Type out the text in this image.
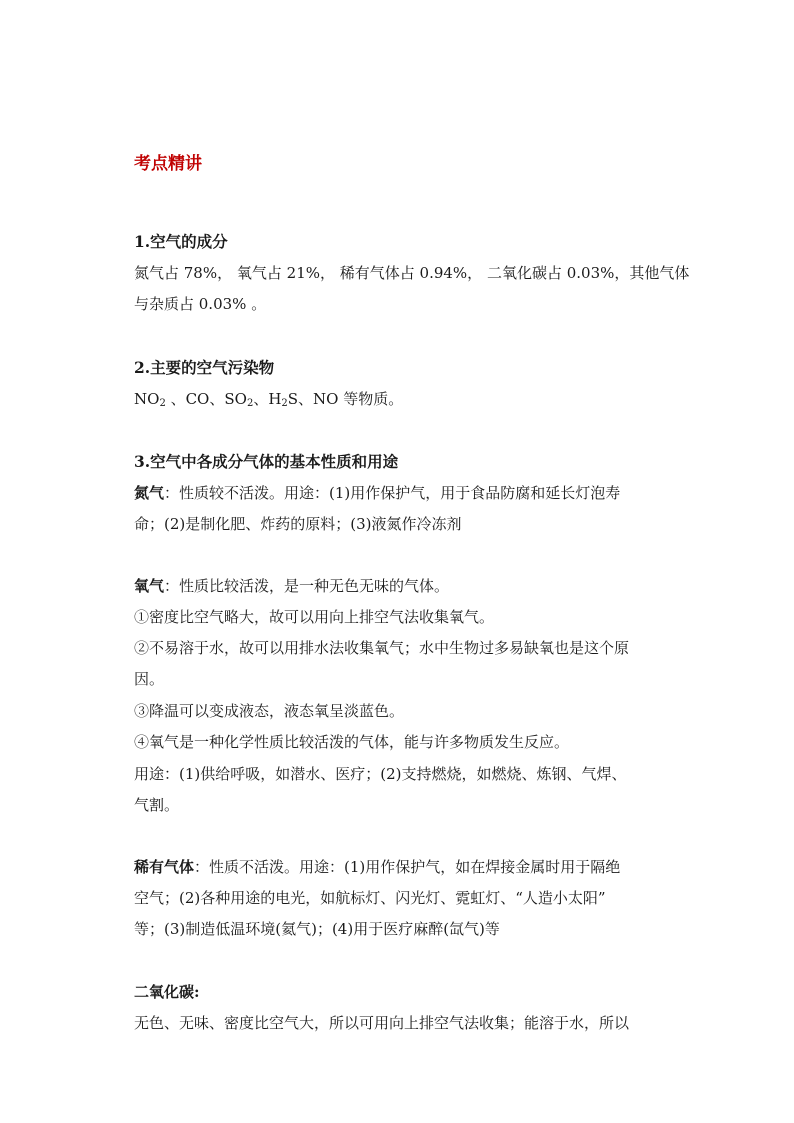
考点精讲
1.空气的成分
氮气占 78%， 氧气占 21%， 稀有气体占 0.94%， 二氧化碳占 0.03%，其他气体
与杂质占 0.03% 。
2.主要的空气污染物
$NO_2$ 、CO、$SO_2$、$H_2S$、NO 等物质。
3.空气中各成分气体的基本性质和用途
氮气：性质较不活泼。用途：(1)用作保护气，用于食品防腐和延长灯泡寿
命；(2)是制化肥、炸药的原料；(3)液氮作冷冻剂
氧气：性质比较活泼，是一种无色无味的气体。
①密度比空气略大，故可以用向上排空气法收集氧气。
②不易溶于水，故可以用排水法收集氧气；水中生物过多易缺氧也是这个原
因。
③降温可以变成液态，液态氧呈淡蓝色。
④氧气是一种化学性质比较活泼的气体，能与许多物质发生反应。
用途：(1)供给呼吸，如潜水、医疗；(2)支持燃烧，如燃烧、炼钢、气焊、
气割。
稀有气体：性质不活泼。用途：(1)用作保护气，如在焊接金属时用于隔绝
空气；(2)各种用途的电光，如航标灯、闪光灯、霓虹灯、“人造小太阳”
等；(3)制造低温环境(氦气)；(4)用于医疗麻醉(氙气)等
二氧化碳:
无色、无味、密度比空气大，所以可用向上排空气法收集；能溶于水，所以
